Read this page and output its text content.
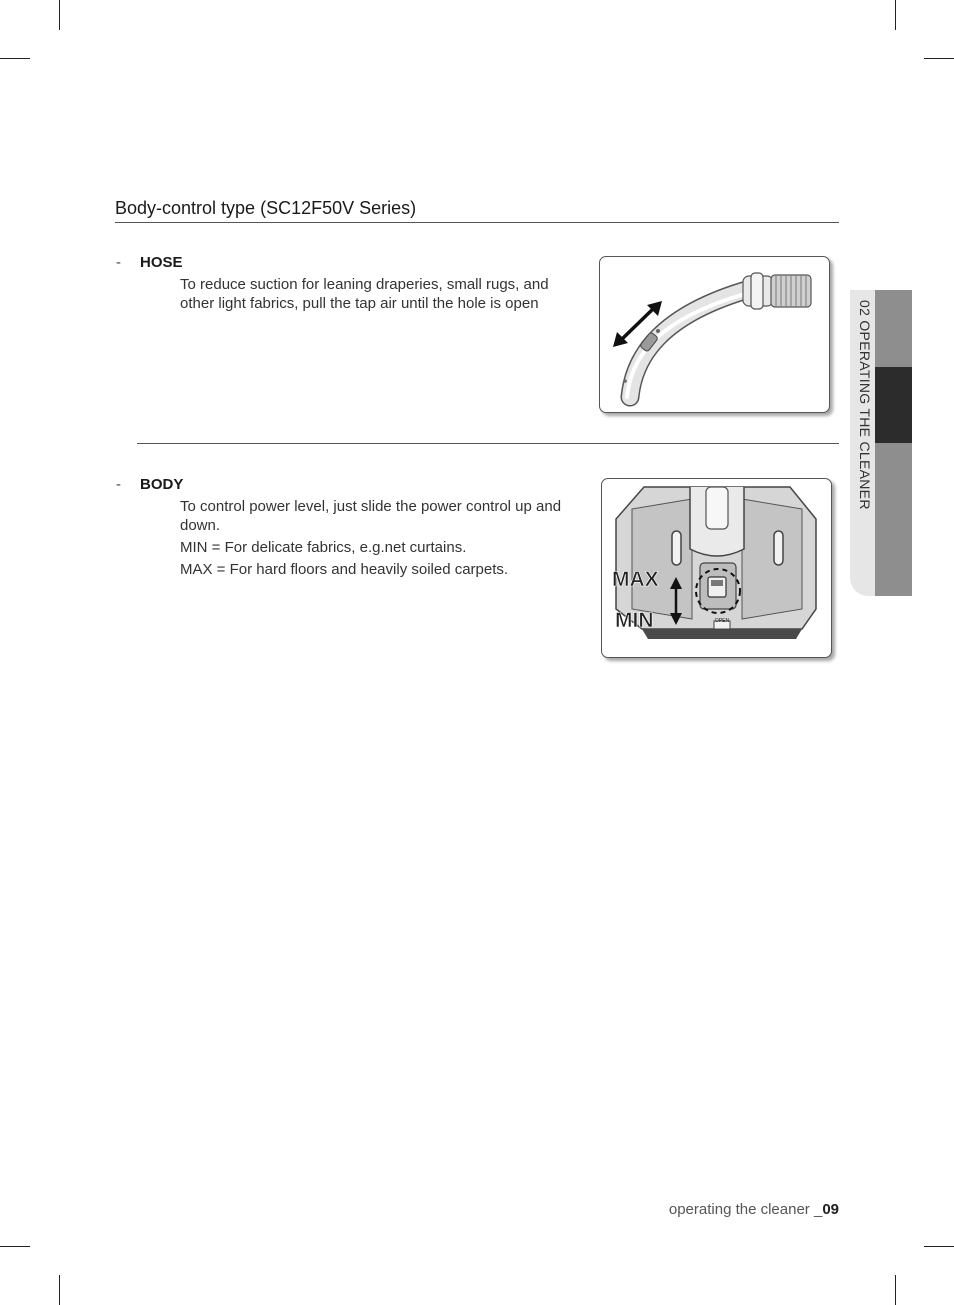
Body-control type (SC12F50V Series)
- HOSE

To reduce suction for leaning draperies, small rugs, and other light fabrics, pull the tap air until the hole is open

- BODY

To control power level, just slide the power control up and down.

MIN = For delicate fabrics, e.g.net curtains.

MAX = For hard floors and heavily soiled carpets.

OPEN
MAX
MIN
02 OPERATING THE CLEANER
operating the cleaner _09
